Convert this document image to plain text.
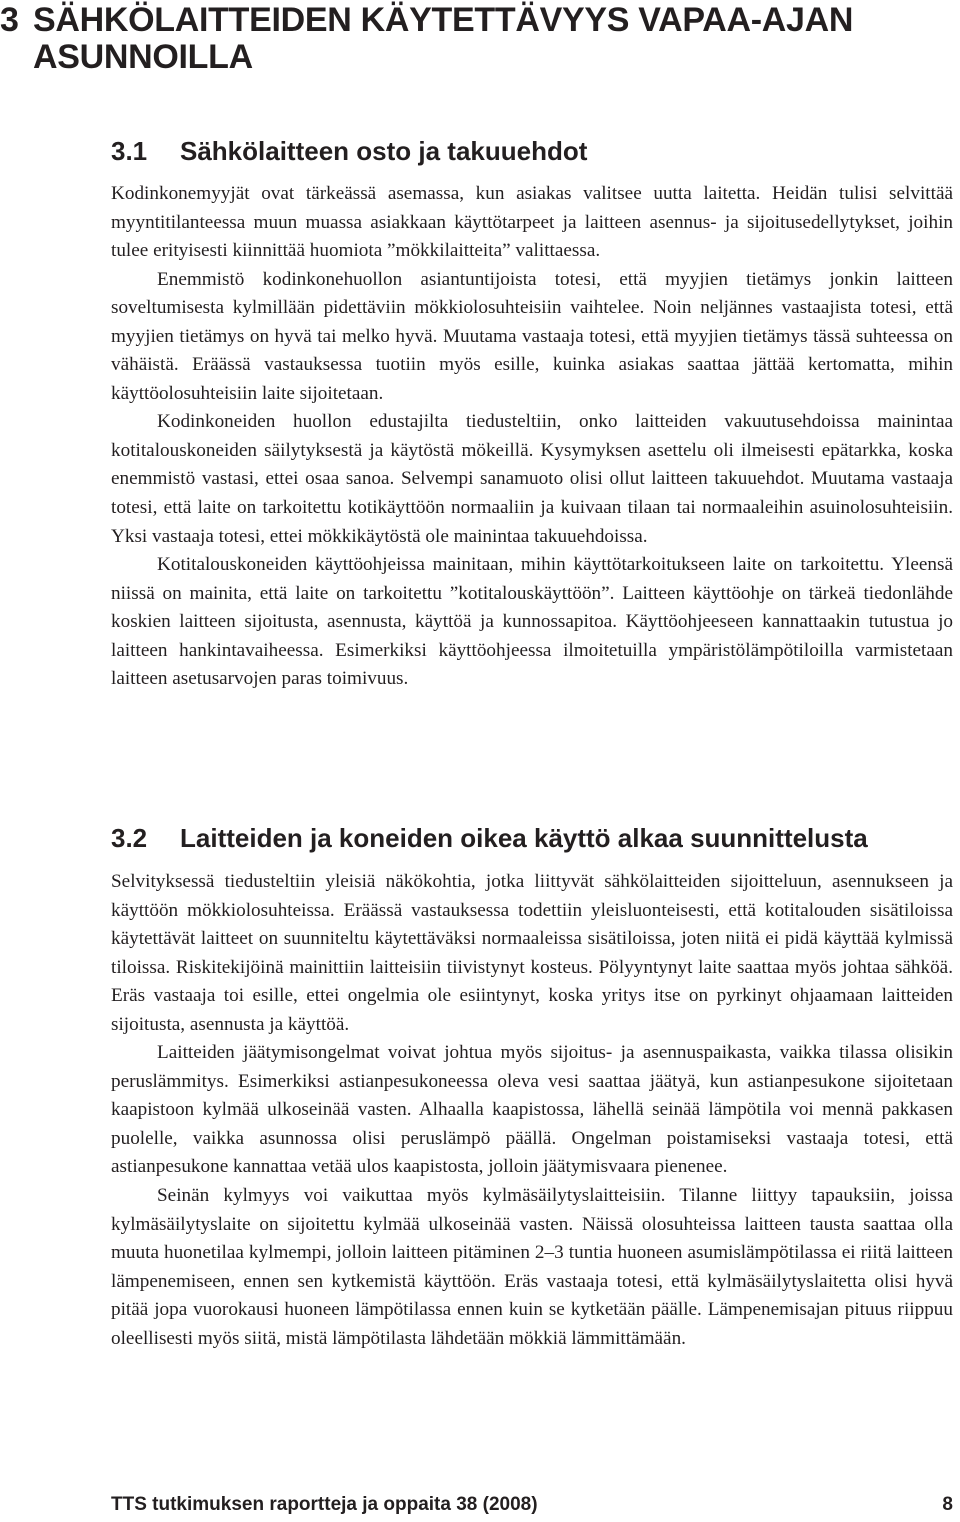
3 SÄHKÖLAITTEIDEN KÄYTETTÄVYYS VAPAA-AJAN ASUNNOILLA
3.1 Sähkölaitteen osto ja takuuehdot

Kodinkonemyyjät ovat tärkeässä asemassa, kun asiakas valitsee uutta laitetta. Heidän tulisi selvittää myyntitilanteessa muun muassa asiakkaan käyttötarpeet ja laitteen asennus- ja sijoitusedellytykset, joihin tulee erityisesti kiinnittää huomiota ”mökkilaitteita” valittaessa.

Enemmistö kodinkonehuollon asiantuntijoista totesi, että myyjien tietämys jonkin laitteen soveltumisesta kylmillään pidettäviin mökkiolosuhteisiin vaihtelee. Noin neljännes vastaajista totesi, että myyjien tietämys on hyvä tai melko hyvä. Muutama vastaaja totesi, että myyjien tietämys tässä suhteessa on vähäistä. Eräässä vastauksessa tuotiin myös esille, kuinka asiakas saattaa jättää kertomatta, mihin käyttöolosuhteisiin laite sijoitetaan.

Kodinkoneiden huollon edustajilta tiedusteltiin, onko laitteiden vakuutusehdoissa mainintaa kotitalouskoneiden säilytyksestä ja käytöstä mökeillä. Kysymyksen asettelu oli ilmeisesti epätarkka, koska enemmistö vastasi, ettei osaa sanoa. Selvempi sanamuoto olisi ollut laitteen takuuehdot. Muutama vastaaja totesi, että laite on tarkoitettu kotikäyttöön normaaliin ja kuivaan tilaan tai normaaleihin asuinolosuhteisiin. Yksi vastaaja totesi, ettei mökkikäytöstä ole mainintaa takuuehdoissa.

Kotitalouskoneiden käyttöohjeissa mainitaan, mihin käyttötarkoitukseen laite on tarkoitettu. Yleensä niissä on mainita, että laite on tarkoitettu ”kotitalouskäyttöön”. Laitteen käyttöohje on tärkeä tiedonlähde koskien laitteen sijoitusta, asennusta, käyttöä ja kunnossapitoa. Käyttöohjeeseen kannattaakin tutustua jo laitteen hankintavaiheessa. Esimerkiksi käyttöohjeessa ilmoitetuilla ympäristölämpötiloilla varmistetaan laitteen asetusarvojen paras toimivuus.

3.2 Laitteiden ja koneiden oikea käyttö alkaa suunnittelusta

Selvityksessä tiedusteltiin yleisiä näkökohtia, jotka liittyvät sähkölaitteiden sijoitteluun, asennukseen ja käyttöön mökkiolosuhteissa. Eräässä vastauksessa todettiin yleisluonteisesti, että kotitalouden sisätiloissa käytettävät laitteet on suunniteltu käytettäväksi normaaleissa sisätiloissa, joten niitä ei pidä käyttää kylmissä tiloissa. Riskitekijöinä mainittiin laitteisiin tiivistynyt kosteus. Pölyyntynyt laite saattaa myös johtaa sähköä. Eräs vastaaja toi esille, ettei ongelmia ole esiintynyt, koska yritys itse on pyrkinyt ohjaamaan laitteiden sijoitusta, asennusta ja käyttöä.

Laitteiden jäätymisongelmat voivat johtua myös sijoitus- ja asennuspaikasta, vaikka tilassa olisikin peruslämmitys. Esimerkiksi astianpesukoneessa oleva vesi saattaa jäätyä, kun astianpesukone sijoitetaan kaapistoon kylmää ulkoseinää vasten. Alhaalla kaapistossa, lähellä seinää lämpötila voi mennä pakkasen puolelle, vaikka asunnossa olisi peruslämpö päällä. Ongelman poistamiseksi vastaaja totesi, että astianpesukone kannattaa vetää ulos kaapistosta, jolloin jäätymisvaara pienenee.

Seinän kylmyys voi vaikuttaa myös kylmäsäilytyslaitteisiin. Tilanne liittyy tapauksiin, joissa kylmäsäilytyslaite on sijoitettu kylmää ulkoseinää vasten. Näissä olosuhteissa laitteen tausta saattaa olla muuta huonetilaa kylmempi, jolloin laitteen pitäminen 2–3 tuntia huoneen asumislämpötilassa ei riitä laitteen lämpenemiseen, ennen sen kytkemistä käyttöön. Eräs vastaaja totesi, että kylmäsäilytyslaitetta olisi hyvä pitää jopa vuorokausi huoneen lämpötilassa ennen kuin se kytketään päälle. Lämpenemisajan pituus riippuu oleellisesti myös siitä, mistä lämpötilasta lähdetään mökkiä lämmittämään.

TTS tutkimuksen raportteja ja oppaita 38 (2008)	8
